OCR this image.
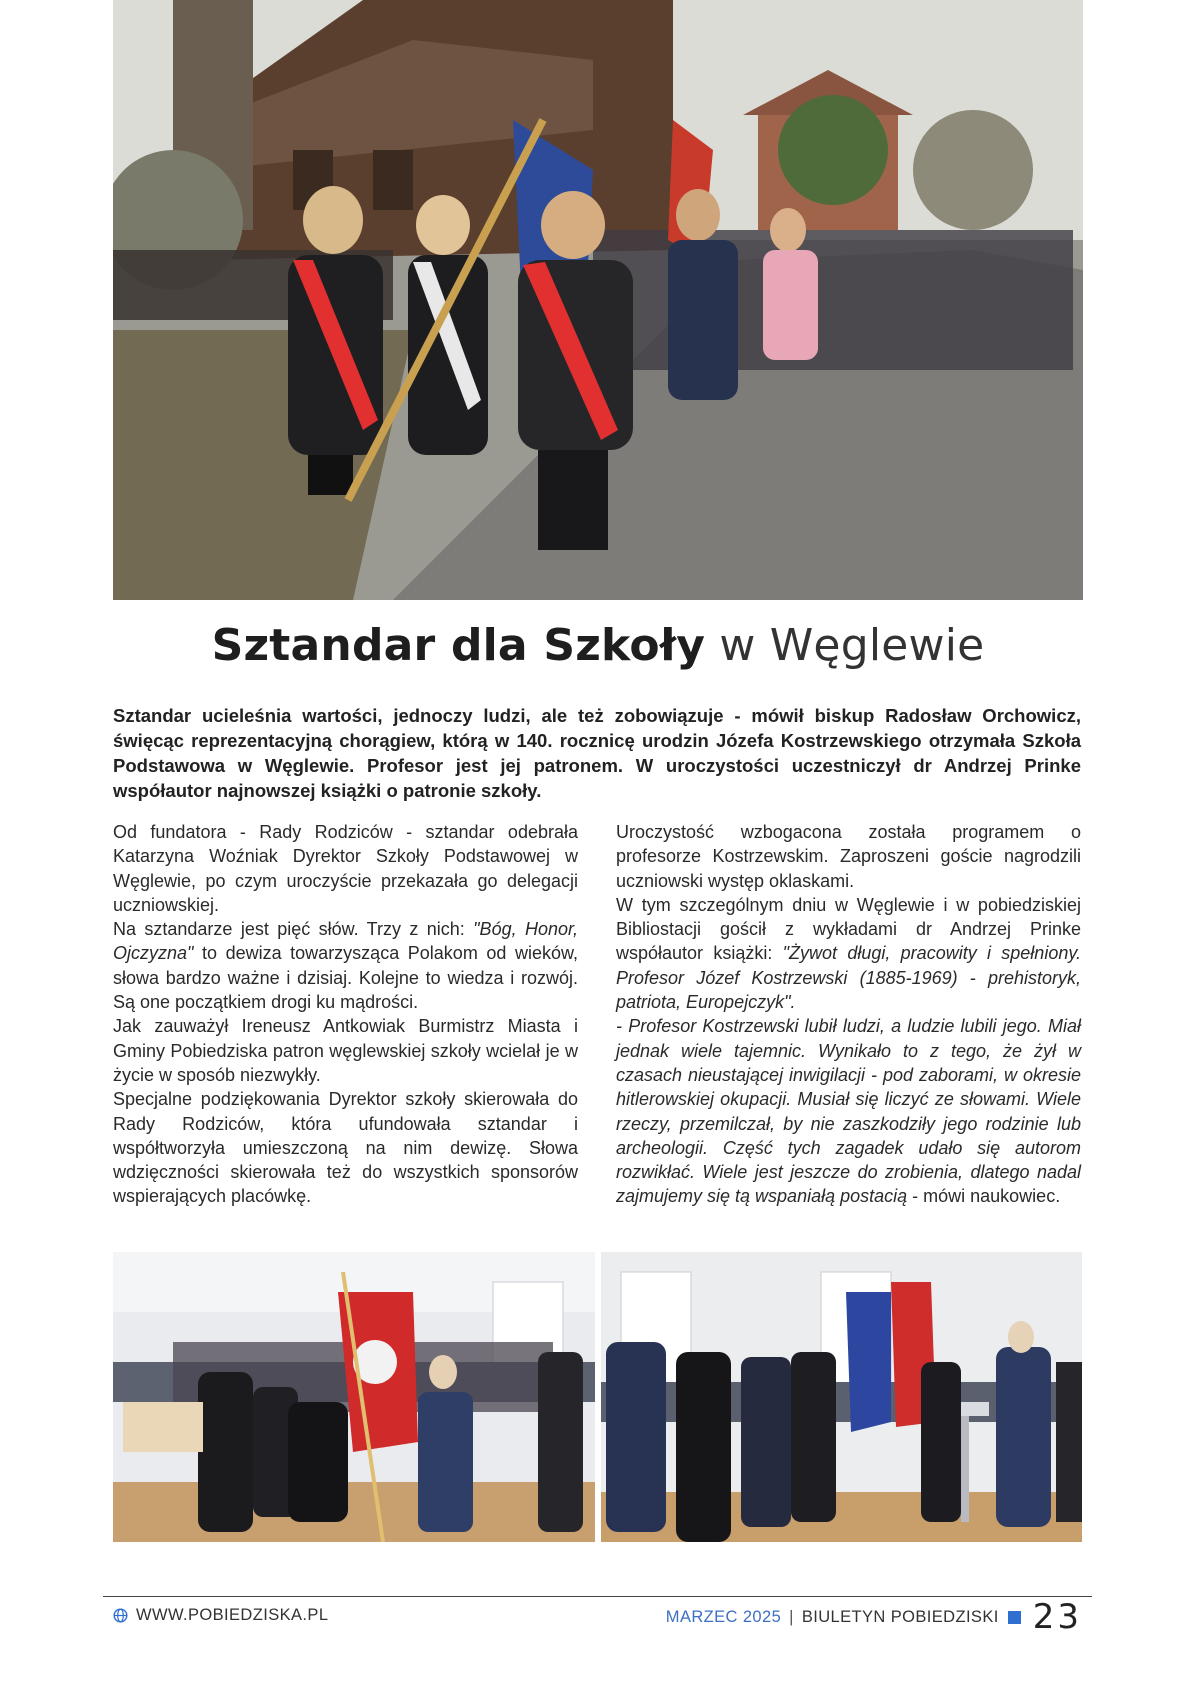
Sztandar dla Szkoły w Węglewie
Sztandar ucieleśnia wartości, jednoczy ludzi, ale też zobowiązuje - mówił biskup Radosław Orchowicz, święcąc reprezentacyjną chorągiew, którą w 140. rocznicę urodzin Józefa Kostrzewskiego otrzymała Szkoła Podstawowa w Węglewie. Profesor jest jej patronem. W uroczystości uczestniczył dr Andrzej Prinke współautor najnowszej książki o patronie szkoły.

Od fundatora - Rady Rodziców - sztandar odebrała Katarzyna Woźniak Dyrektor Szkoły Podstawowej w Węglewie, po czym uroczyście przekazała go delegacji uczniowskiej.

Na sztandarze jest pięć słów. Trzy z nich: "Bóg, Honor, Ojczyzna" to dewiza towarzysząca Polakom od wieków, słowa bardzo ważne i dzisiaj. Kolejne to wiedza i rozwój. Są one początkiem drogi ku mądrości.

Jak zauważył Ireneusz Antkowiak Burmistrz Miasta i Gminy Pobiedziska patron węglewskiej szkoły wcielał je w życie w sposób niezwykły.

Specjalne podziękowania Dyrektor szkoły skierowała do Rady Rodziców, która ufundowała sztandar i współtworzyła umieszczoną na nim dewizę. Słowa wdzięczności skierowała też do wszystkich sponsorów wspierających placówkę.

Uroczystość wzbogacona została programem o profesorze Kostrzewskim. Zaproszeni goście nagrodzili uczniowski występ oklaskami.

W tym szczególnym dniu w Węglewie i w pobiedziskiej Bibliostacji gościł z wykładami dr Andrzej Prinke współautor książki: "Żywot długi, pracowity i spełniony. Profesor Józef Kostrzewski (1885-1969) - prehistoryk, patriota, Europejczyk".

- Profesor Kostrzewski lubił ludzi, a ludzie lubili jego. Miał jednak wiele tajemnic. Wynikało to z tego, że żył w czasach nieustającej inwigilacji - pod zaborami, w okresie hitlerowskiej okupacji. Musiał się liczyć ze słowami. Wiele rzeczy, przemilczał, by nie zaszkodziły jego rodzinie lub archeologii. Część tych zagadek udało się autorom rozwikłać. Wiele jest jeszcze do zrobienia, dlatego nadal zajmujemy się tą wspaniałą postacią - mówi naukowiec.

WWW.POBIEDZISKA.PL	MARZEC 2025 | BIULETYN POBIEDZISKI 23
